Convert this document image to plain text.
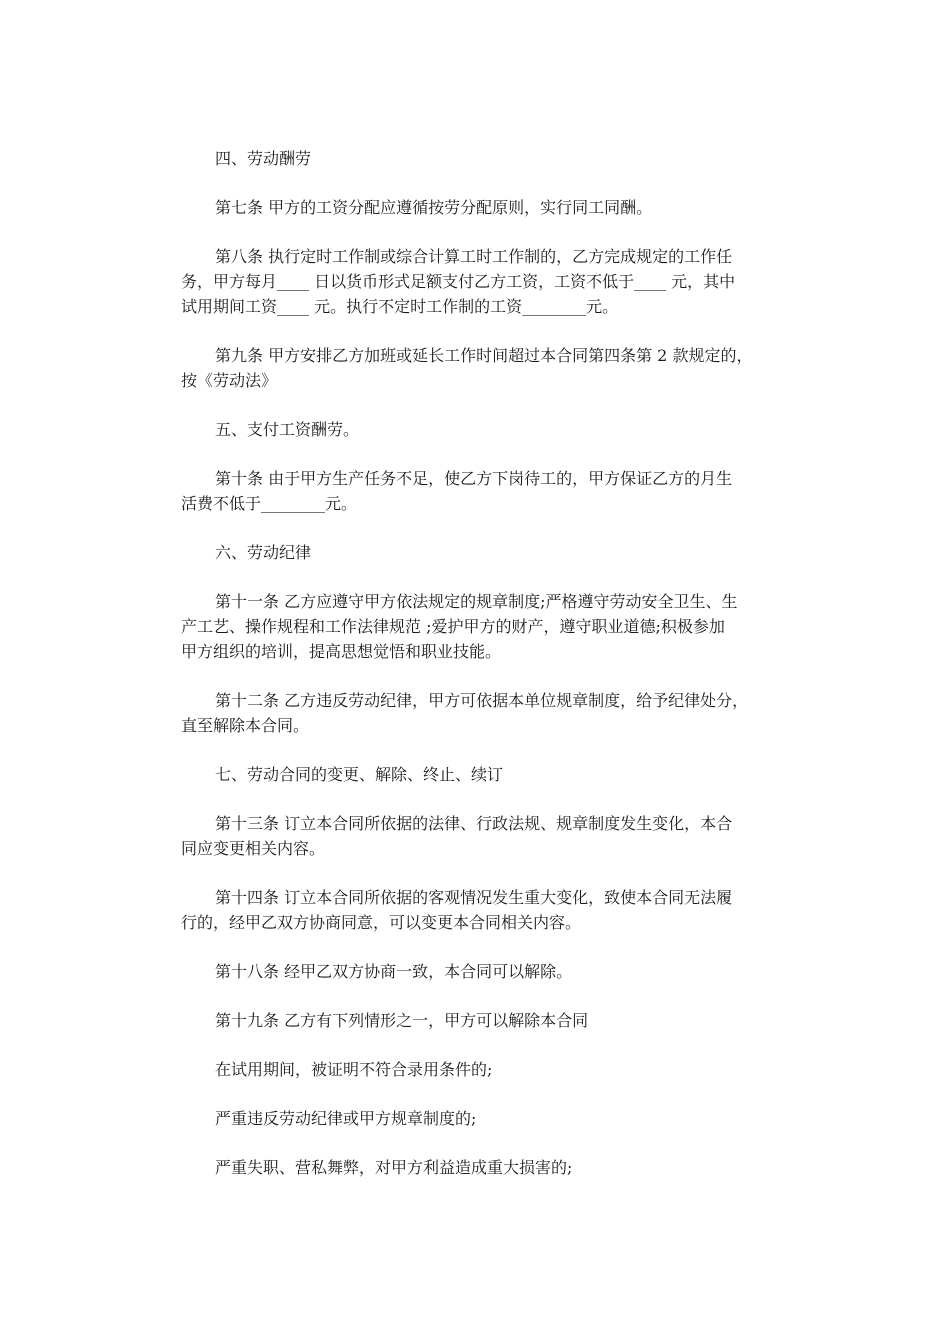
四、劳动酬劳

第七条 甲方的工资分配应遵循按劳分配原则，实行同工同酬。

第八条 执行定时工作制或综合计算工时工作制的，乙方完成规定的工作任
务，甲方每月____ 日以货币形式足额支付乙方工资，工资不低于____ 元，其中
试用期间工资____ 元。执行不定时工作制的工资________元。

第九条 甲方安排乙方加班或延长工作时间超过本合同第四条第 2 款规定的，
按《劳动法》

五、支付工资酬劳。

第十条 由于甲方生产任务不足，使乙方下岗待工的，甲方保证乙方的月生
活费不低于________元。

六、劳动纪律

第十一条 乙方应遵守甲方依法规定的规章制度;严格遵守劳动安全卫生、生
产工艺、操作规程和工作法律规范 ;爱护甲方的财产，遵守职业道德;积极参加
甲方组织的培训，提高思想觉悟和职业技能。

第十二条 乙方违反劳动纪律，甲方可依据本单位规章制度，给予纪律处分，
直至解除本合同。

七、劳动合同的变更、解除、终止、续订

第十三条 订立本合同所依据的法律、行政法规、规章制度发生变化，本合
同应变更相关内容。

第十四条 订立本合同所依据的客观情况发生重大变化，致使本合同无法履
行的，经甲乙双方协商同意，可以变更本合同相关内容。

第十八条 经甲乙双方协商一致，本合同可以解除。

第十九条 乙方有下列情形之一，甲方可以解除本合同

在试用期间，被证明不符合录用条件的;

严重违反劳动纪律或甲方规章制度的;

严重失职、营私舞弊，对甲方利益造成重大损害的;
